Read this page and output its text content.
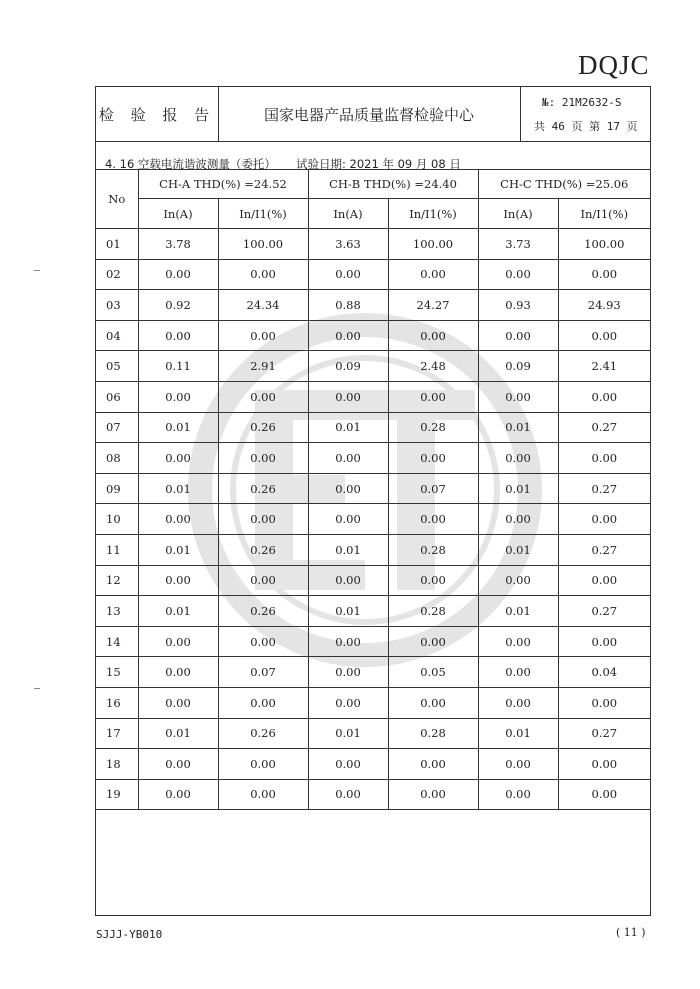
DQJC
检 验 报 告	国家电器产品质量监督检验中心
№: 21M2632-S
共 46 页 第 17 页
4. 16 空载电流谐波测量（委托） 试验日期: 2021 年 09 月 08 日
No	CH-A THD(%) =24.52		CH-B THD(%) =24.40		CH-C THD(%) =25.06	
	In(A)	In/I1(%)	In(A)	In/I1(%)	In(A)	In/I1(%)
01	3.78	100.00	3.63	100.00	3.73	100.00
02	0.00	0.00	0.00	0.00	0.00	0.00
03	0.92	24.34	0.88	24.27	0.93	24.93
04	0.00	0.00	0.00	0.00	0.00	0.00
05	0.11	2.91	0.09	2.48	0.09	2.41
06	0.00	0.00	0.00	0.00	0.00	0.00
07	0.01	0.26	0.01	0.28	0.01	0.27
08	0.00	0.00	0.00	0.00	0.00	0.00
09	0.01	0.26	0.00	0.07	0.01	0.27
10	0.00	0.00	0.00	0.00	0.00	0.00
11	0.01	0.26	0.01	0.28	0.01	0.27
12	0.00	0.00	0.00	0.00	0.00	0.00
13	0.01	0.26	0.01	0.28	0.01	0.27
14	0.00	0.00	0.00	0.00	0.00	0.00
15	0.00	0.07	0.00	0.05	0.00	0.04
16	0.00	0.00	0.00	0.00	0.00	0.00
17	0.01	0.26	0.01	0.28	0.01	0.27
18	0.00	0.00	0.00	0.00	0.00	0.00
19	0.00	0.00	0.00	0.00	0.00	0.00
SJJJ-YB010	( 11 )
